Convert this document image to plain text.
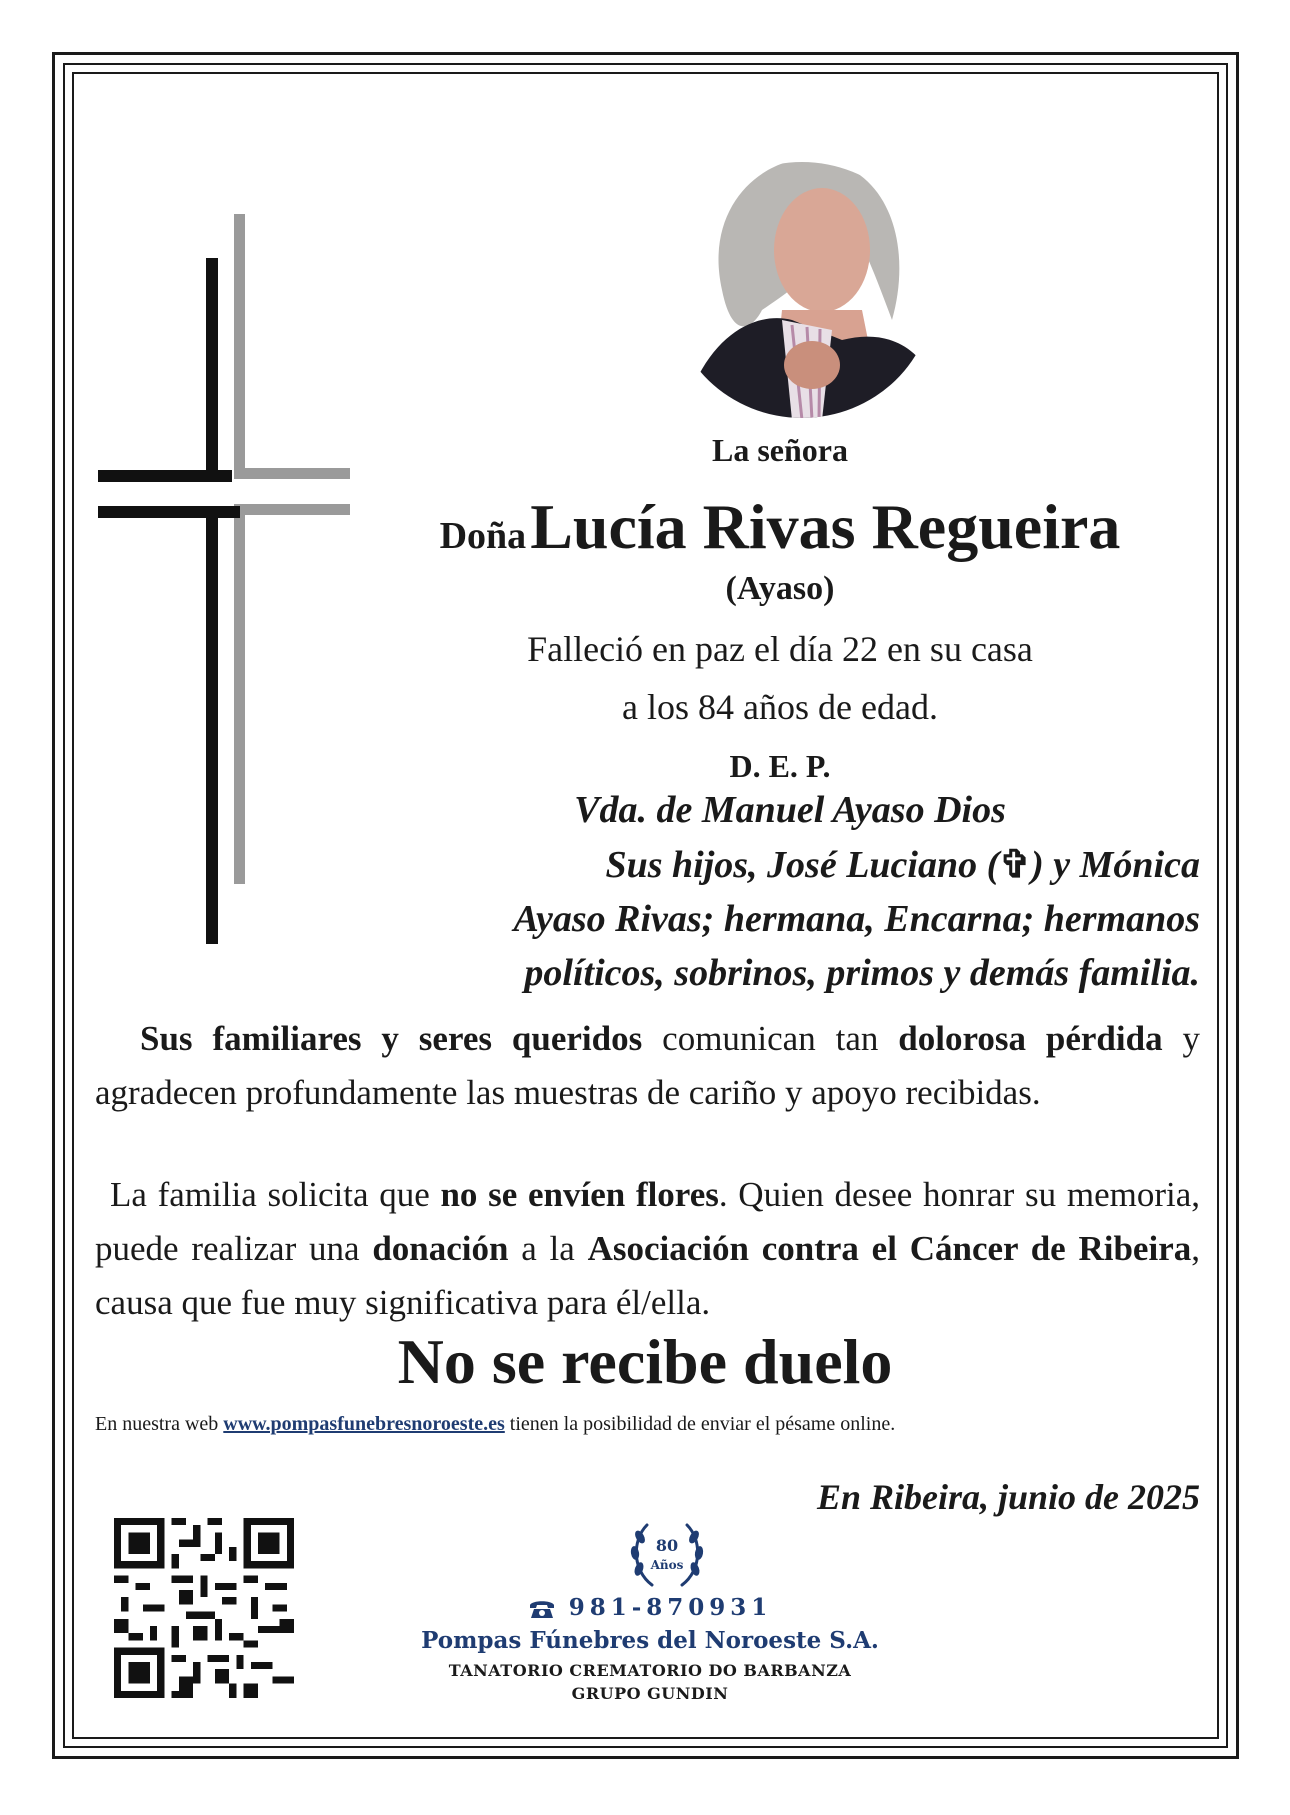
La señora
Doña Lucía Rivas Regueira
(Ayaso)
Falleció en paz el día 22 en su casa
a los 84 años de edad.
D. E. P.
Vda. de Manuel Ayaso Dios
Sus hijos, José Luciano (✞) y Mónica
Ayaso Rivas; hermana, Encarna; hermanos
políticos, sobrinos, primos y demás familia.
Sus familiares y seres queridos comunican tan dolorosa pérdida y agradecen profundamente las muestras de cariño y apoyo recibidas.
La familia solicita que no se envíen flores. Quien desee honrar su memoria, puede realizar una donación a la Asociación contra el Cáncer de Ribeira, causa que fue muy significativa para él/ella.
No se recibe duelo
En nuestra web www.pompasfunebresnoroeste.es tienen la posibilidad de enviar el pésame online.
En Ribeira, junio de 2025
80
Años
981-870931
Pompas Fúnebres del Noroeste S.A.
TANATORIO CREMATORIO DO BARBANZA
GRUPO GUNDIN
